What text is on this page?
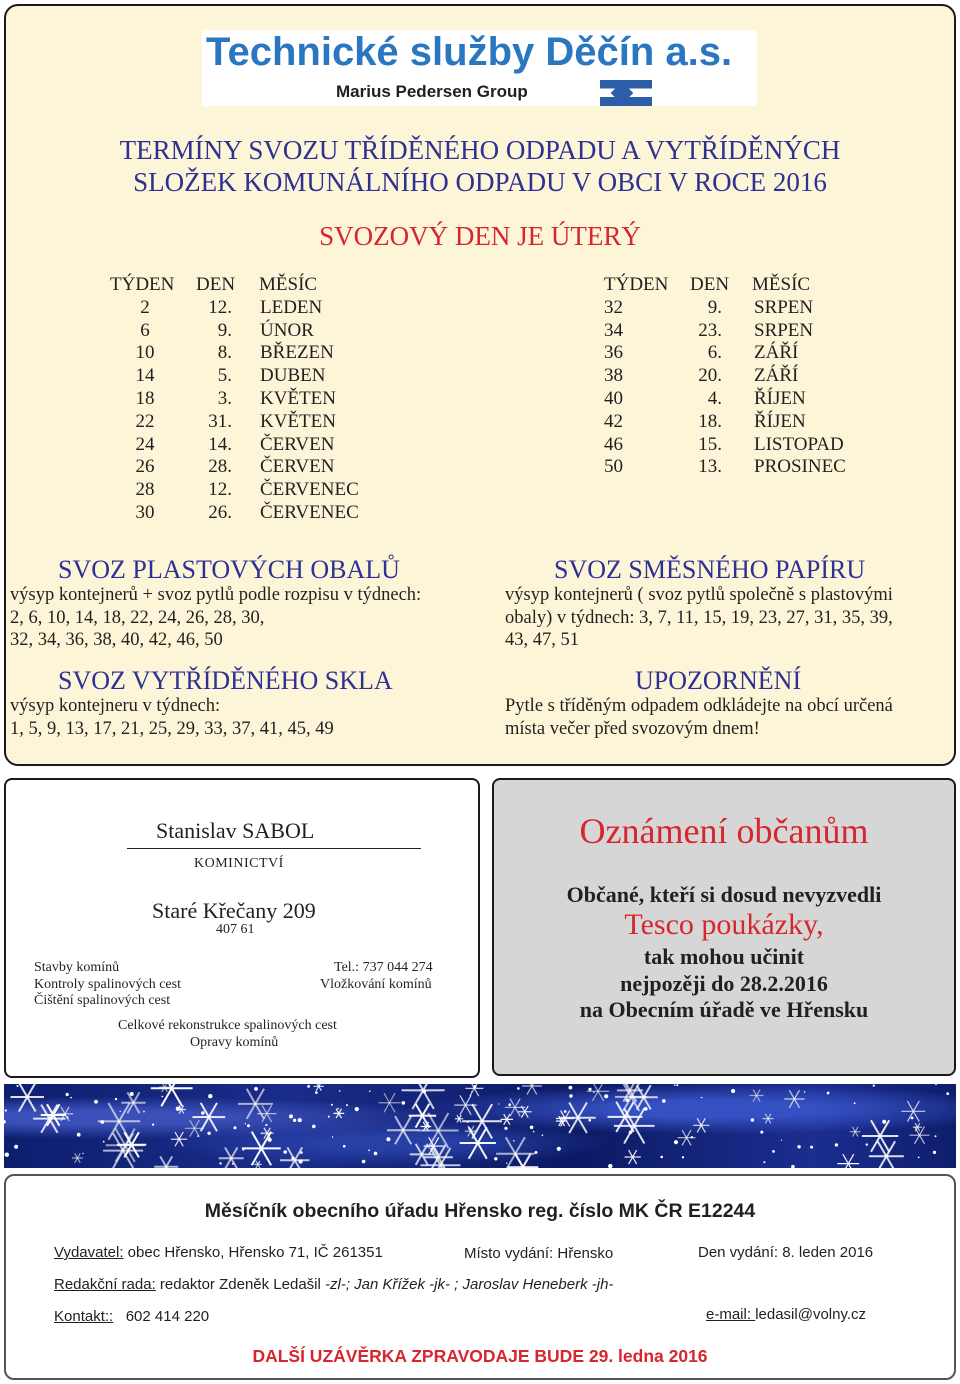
Technické služby Děčín a.s.
Marius Pedersen Group
TERMÍNY SVOZU TŘÍDĚNÉHO ODPADU A VYTŘÍDĚNÝCH
SLOŽEK KOMUNÁLNÍHO ODPADU V OBCI V ROCE 2016
SVOZOVÝ DEN JE ÚTERÝ
TÝDEN DEN MĚSÍC
2	12. LEDEN
6	9. ÚNOR
10	8. BŘEZEN
14	5. DUBEN
18	3. KVĚTEN
22	31. KVĚTEN
24	14. ČERVEN
26	28. ČERVEN
28	12. ČERVENEC
30	26. ČERVENEC
TÝDEN DEN MĚSÍC
32	9. SRPEN
34	23. SRPEN
36	6. ZÁŘÍ
38	20. ZÁŘÍ
40	4. ŘÍJEN
42	18. ŘÍJEN
46	15. LISTOPAD
50	13. PROSINEC
SVOZ PLASTOVÝCH OBALŮ
výsyp kontejnerů + svoz pytlů podle rozpisu v týdnech:
2, 6, 10, 14, 18, 22, 24, 26, 28, 30,
32, 34, 36, 38, 40, 42, 46, 50
SVOZ VYTŘÍDĚNÉHO SKLA
výsyp kontejneru v týdnech:
1, 5, 9, 13, 17, 21, 25, 29, 33, 37, 41, 45, 49
SVOZ SMĚSNÉHO PAPÍRU
výsyp kontejnerů ( svoz pytlů společně s plastovými
obaly) v týdnech: 3, 7, 11, 15, 19, 23, 27, 31, 35, 39,
43, 47, 51
UPOZORNĚNÍ
Pytle s tříděným odpadem odkládejte na obcí určená
místa večer před svozovým dnem!
Stanislav SABOL
KOMINICTVÍ
Staré Křečany 209
407 61
Stavby komínů
Kontroly spalinových cest
Čištění spalinových cest
Tel.: 737 044 274
Vložkování komínů
Celkové rekonstrukce spalinových cest
Opravy komínů
Oznámení občanům
Občané, kteří si dosud nevyzvedli
Tesco poukázky,
tak mohou učinit
nejpozěji do 28.2.2016
na Obecním úřadě ve Hřensku
Měsíčník obecního úřadu Hřensko reg. číslo MK ČR E12244
Vydavatel: obec Hřensko, Hřensko 71, IČ 261351	Místo vydání: Hřensko	Den vydání: 8. leden 2016
Redakční rada: redaktor Zdeněk Ledašil -zl-; Jan Křížek -jk- ; Jaroslav Heneberk -jh-
Kontakt:: 602 414 220	e-mail: ledasil@volny.cz
DALŠÍ UZÁVĚRKA ZPRAVODAJE BUDE 29. ledna 2016
